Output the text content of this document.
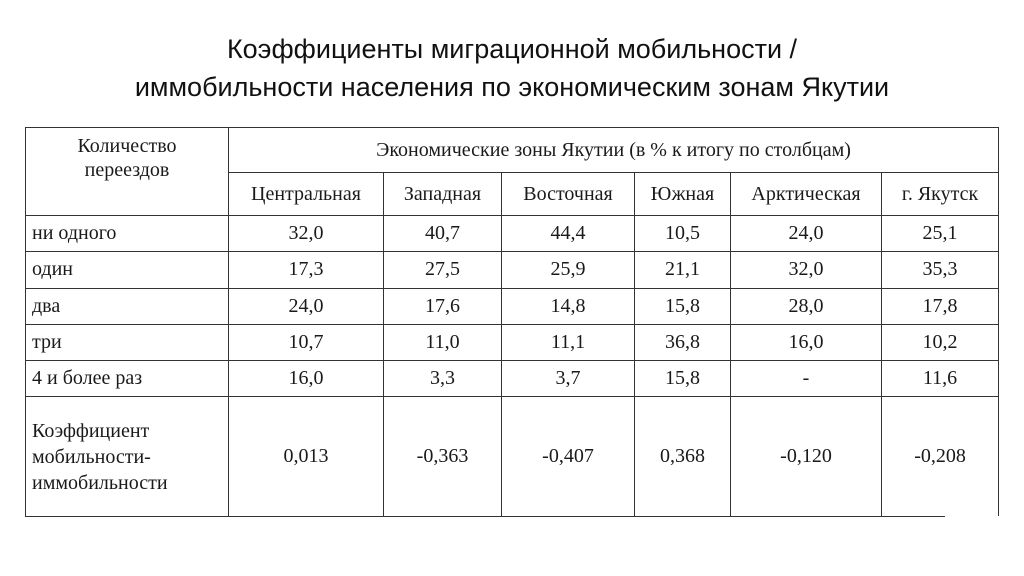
Коэффициенты миграционной мобильности /
иммобильности населения по экономическим зонам Якутии
Количество
переездов	Экономические зоны Якутии (в % к итогу по столбцам)					
	Центральная	Западная	Восточная	Южная	Арктическая	г. Якутск
ни одного	32,0	40,7	44,4	10,5	24,0	25,1
один	17,3	27,5	25,9	21,1	32,0	35,3
два	24,0	17,6	14,8	15,8	28,0	17,8
три	10,7	11,0	11,1	36,8	16,0	10,2
4 и более раз	16,0	3,3	3,7	15,8	-	11,6

Коэффициент
мобильности-
иммобильности	0,013	-0,363	-0,407	0,368	-0,120	-0,208
